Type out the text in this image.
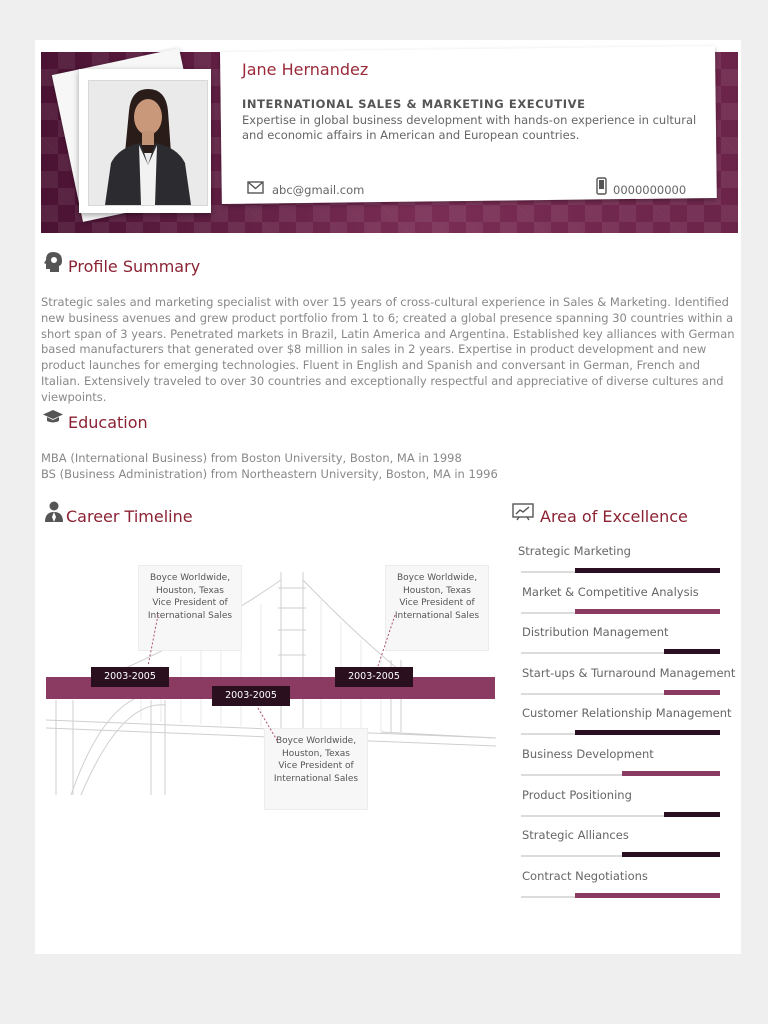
Jane Hernandez
INTERNATIONAL SALES & MARKETING EXECUTIVE
Expertise in global business development with hands-on experience in cultural and economic affairs in American and European countries.
abc@gmail.com	0000000000
Profile Summary
Strategic sales and marketing specialist with over 15 years of cross-cultural experience in Sales & Marketing. Identified new business avenues and grew product portfolio from 1 to 6; created a global presence spanning 30 countries within a short span of 3 years. Penetrated markets in Brazil, Latin America and Argentina. Established key alliances with German based manufacturers that generated over $8 million in sales in 2 years. Expertise in product development and new product launches for emerging technologies. Fluent in English and Spanish and conversant in German, French and Italian. Extensively traveled to over 30 countries and exceptionally respectful and appreciative of diverse cultures and viewpoints.
Education
MBA (International Business) from Boston University, Boston, MA in 1998
BS (Business Administration) from Northeastern University, Boston, MA in 1996
Career Timeline
Boyce Worldwide,
Houston, Texas
Vice President of
International Sales
Boyce Worldwide,
Houston, Texas
Vice President of
International Sales
Boyce Worldwide,
Houston, Texas
Vice President of
International Sales
2003-2005
2003-2005
2003-2005
Area of Excellence
Strategic Marketing
Market & Competitive Analysis
Distribution Management
Start-ups & Turnaround Management
Customer Relationship Management
Business Development
Product Positioning
Strategic Alliances
Contract Negotiations
